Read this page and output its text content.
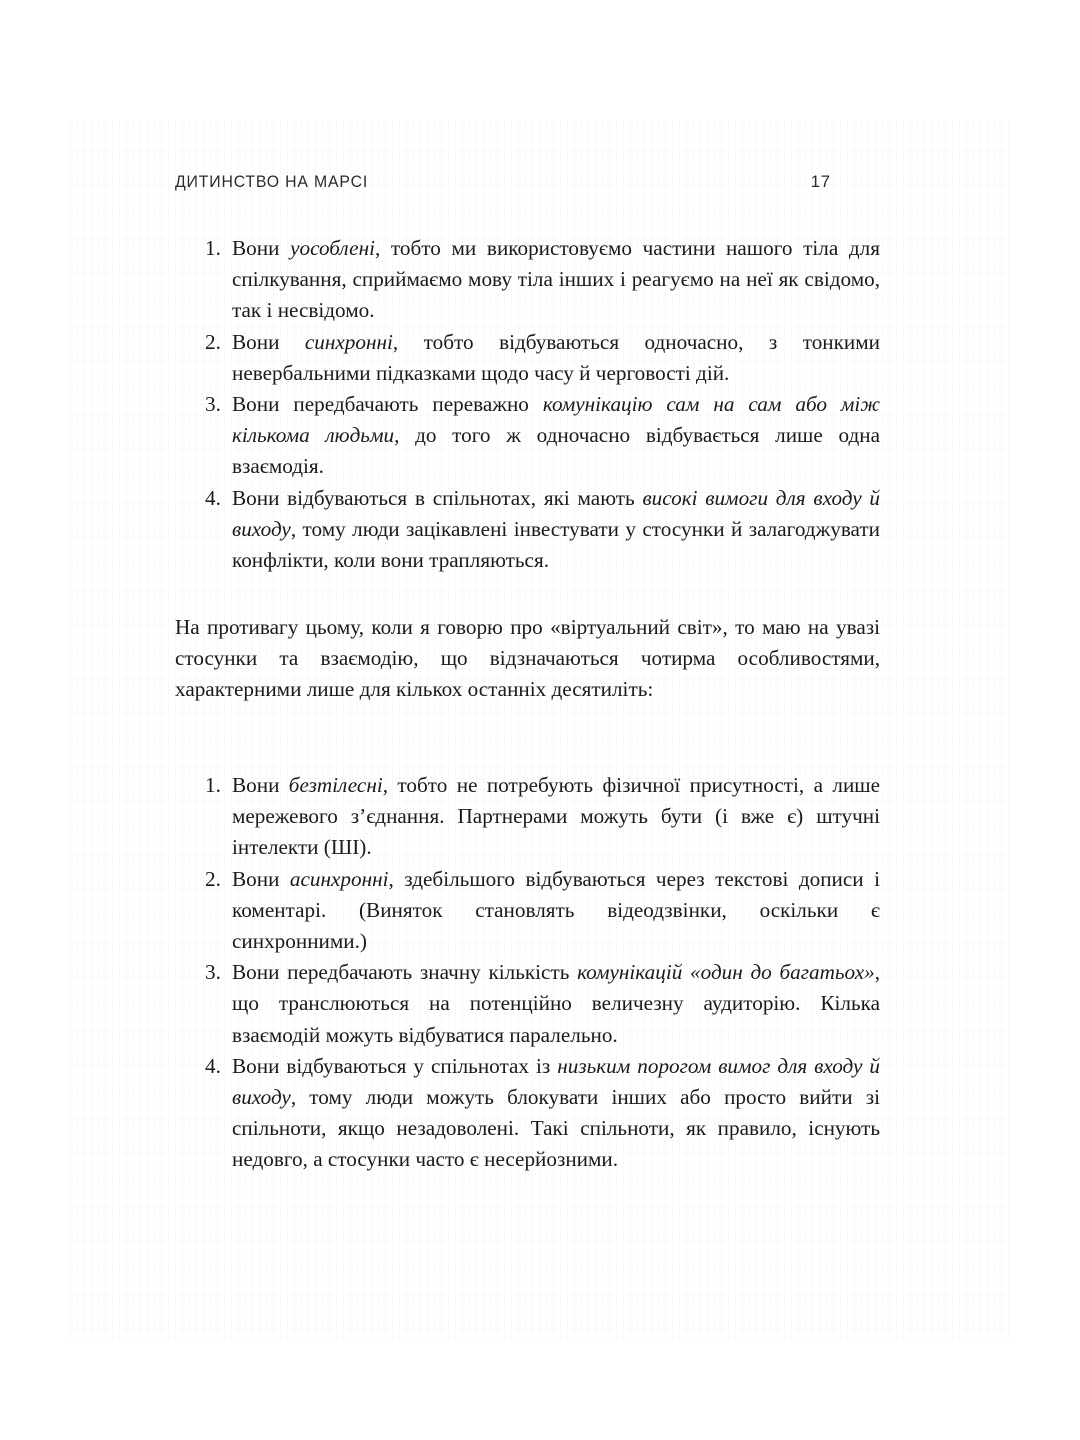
ДИТИНСТВО НА МАРСІ	17
1. Вони уособлені, тобто ми використовуємо частини нашого тіла для спілкування, сприймаємо мову тіла інших і реагуємо на неї як свідомо, так і несвідомо.
2. Вони синхронні, тобто відбуваються одночасно, з тонкими невербальними підказками щодо часу й черговості дій.
3. Вони передбачають переважно комунікацію сам на сам або між кількома людьми, до того ж одночасно відбувається лише одна взаємодія.
4. Вони відбуваються в спільнотах, які мають високі вимоги для входу й виходу, тому люди зацікавлені інвестувати у стосунки й залагоджувати конфлікти, коли вони трапляються.

На противагу цьому, коли я говорю про «віртуальний світ», то маю на увазі стосунки та взаємодію, що відзначаються чотирма особливостями, характерними лише для кількох останніх десятиліть:

1. Вони безтілесні, тобто не потребують фізичної присутності, а лише мережевого з’єднання. Партнерами можуть бути (і вже є) штучні інтелекти (ШІ).
2. Вони асинхронні, здебільшого відбуваються через текстові дописи і коментарі. (Виняток становлять відеодзвінки, оскільки є синхронними.)
3. Вони передбачають значну кількість комунікацій «один до багатьох», що транслюються на потенційно величезну аудиторію. Кілька взаємодій можуть відбуватися паралельно.
4. Вони відбуваються у спільнотах із низьким порогом вимог для входу й виходу, тому люди можуть блокувати інших або просто вийти зі спільноти, якщо незадоволені. Такі спільноти, як правило, існують недовго, а стосунки часто є несерйозними.
